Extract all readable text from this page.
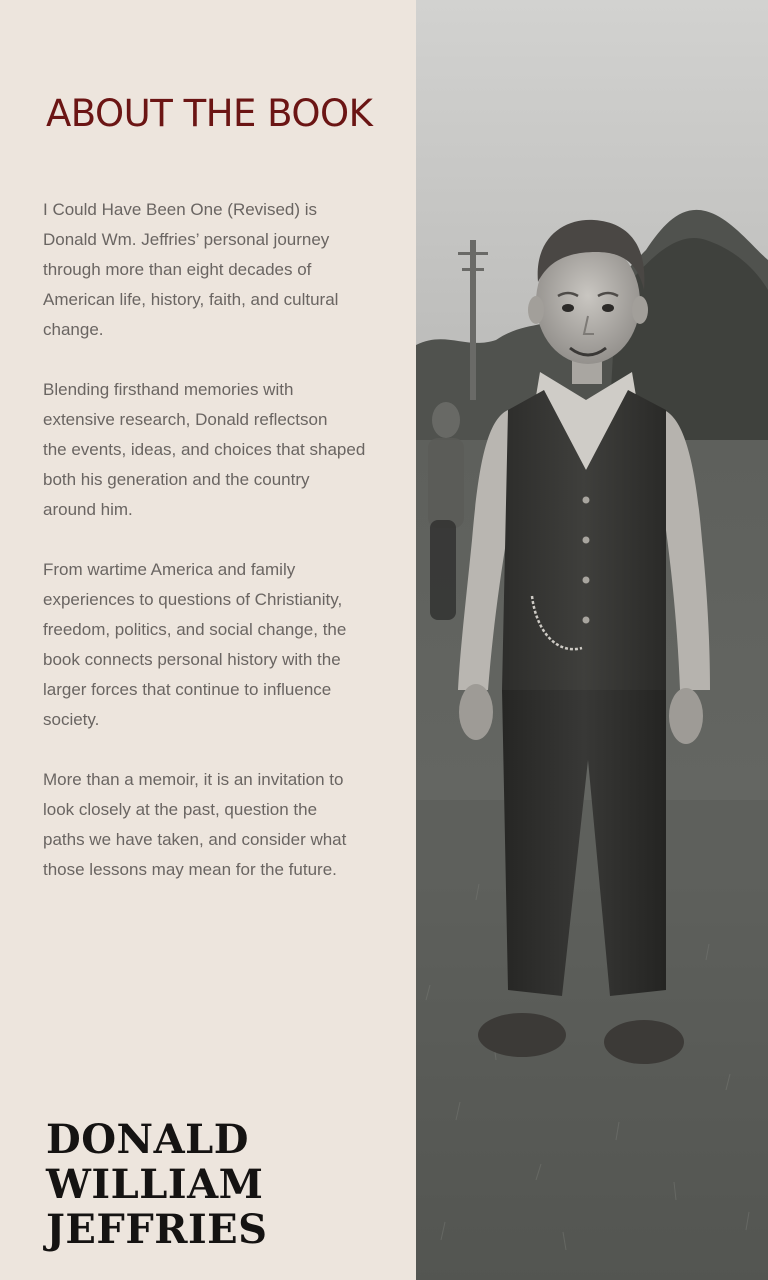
ABOUT THE BOOK

I Could Have Been One (Revised) is
Donald Wm. Jeffries’ personal journey
through more than eight decades of
American life, history, faith, and cultural
change.

Blending firsthand memories with
extensive research, Donald reflectson
the events, ideas, and choices that shaped
both his generation and the country
around him.

From wartime America and family
experiences to questions of Christianity,
freedom, politics, and social change, the
book connects personal history with the
larger forces that continue to influence
society.

More than a memoir, it is an invitation to
look closely at the past, question the
paths we have taken, and consider what
those lessons may mean for the future.

DONALD
WILLIAM
JEFFRIES
